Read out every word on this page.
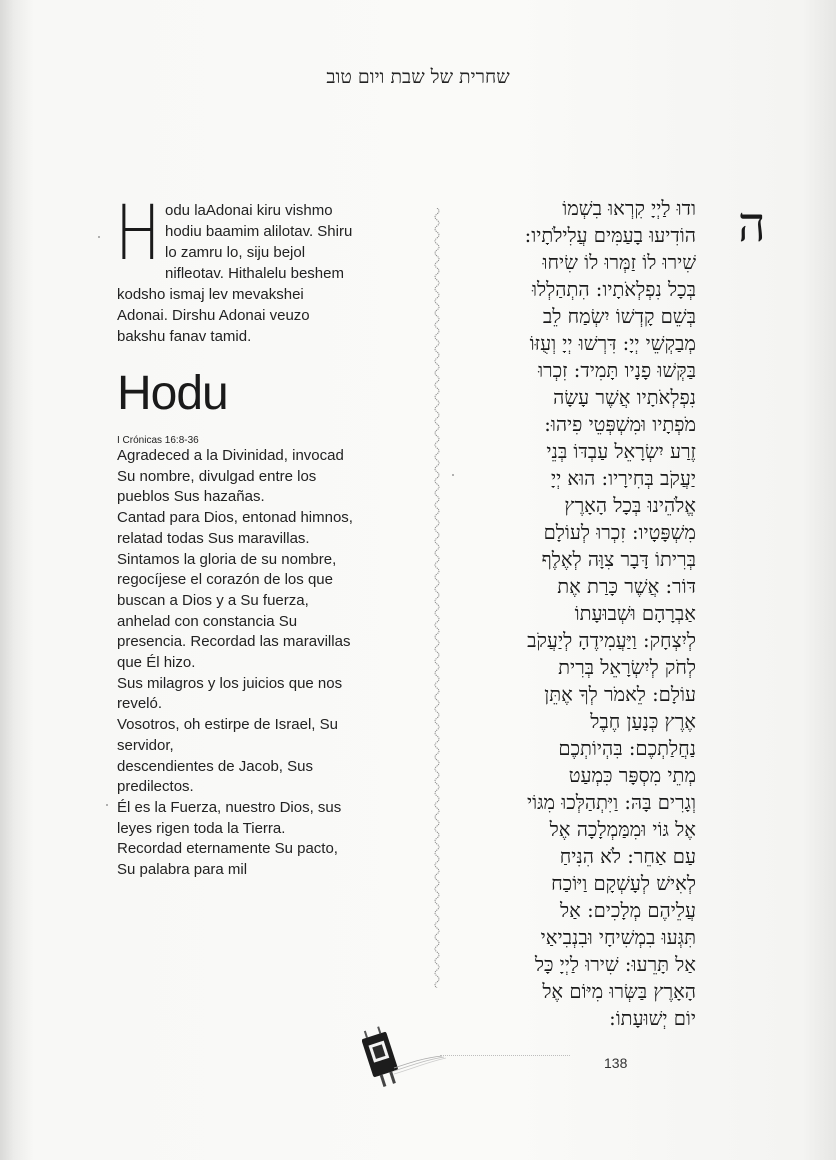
שחרית של שבת ויום טוב
H odu laAdonai kiru vishmo hodiu baamim alilotav. Shiru lo zamru lo, siju bejol nifleotav. Hithalelu beshem kodsho ismaj lev mevakshei Adonai. Dirshu Adonai veuzo bakshu fanav tamid.
Hodu
I Crónicas 16:8-36

Agradeced a la Divinidad, invocad Su nombre, divulgad entre los pueblos Sus hazañas.

Cantad para Dios, entonad himnos, relatad todas Sus maravillas. Sintamos la gloria de su nombre, regocíjese el corazón de los que buscan a Dios y a Su fuerza, anhelad con constancia Su presencia. Recordad las maravillas que Él hizo.

Sus milagros y los juicios que nos reveló.

Vosotros, oh estirpe de Israel, Su servidor,

descendientes de Jacob, Sus predilectos.

Él es la Fuerza, nuestro Dios, sus leyes rigen toda la Tierra.

Recordad eternamente Su pacto, Su palabra para mil

ה

ודוּ לַיְיָ קִרְאוּ בִשְׁמוֹ

הוֹדִיעוּ בָעַמִּים עֲלִילֹתָיו:

שִׁירוּ לוֹ זַמְּרוּ לוֹ שִׂיחוּ

בְּכָל נִפְלְאֹתָיו: הִתְהַלְלוּ

בְּשֵׁם קָדְשׁוֹ יִשְׂמַח לֵב

מְבַקְשֵׁי יְיָ: דִּרְשׁוּ יְיָ וְעֻזּוֹ

בַּקְּשׁוּ פָנָיו תָּמִיד: זִכְרוּ

נִפְלְאֹתָיו אֲשֶׁר עָשָׂה

מֹפְתָיו וּמִשְׁפְּטֵי פִיהוּ:

זֶרַע יִשְׂרָאֵל עַבְדּוֹ בְּנֵי

יַעֲקֹב בְּחִירָיו: הוּא יְיָ

אֱלֹהֵינוּ בְּכָל הָאָרֶץ

מִשְׁפָּטָיו: זִכְרוּ לְעוֹלָם

בְּרִיתוֹ דָּבָר צִוָּה לְאֶלֶף

דּוֹר: אֲשֶׁר כָּרַת אֶת

אַבְרָהָם וּשְׁבוּעָתוֹ

לְיִצְחָק: וַיַּעֲמִידֶהָ לְיַעֲקֹב

לְחֹק לְיִשְׂרָאֵל בְּרִית

עוֹלָם: לֵאמֹר לְךָ אֶתֵּן

אֶרֶץ כְּנָעַן חֶבֶל

נַחֲלַתְכֶם: בִּהְיוֹתְכֶם

מְתֵי מִסְפָּר כִּמְעַט

וְגָרִים בָּהּ: וַיִּתְהַלְּכוּ מִגּוֹי

אֶל גּוֹי וּמִמַּמְלָכָה אֶל

עַם אַחֵר: לֹא הִנִּיחַ

לְאִישׁ לְעָשְׁקָם וַיּוֹכַח

עֲלֵיהֶם מְלָכִים: אַל

תִּגְּעוּ בִמְשִׁיחָי וּבִנְבִיאַי

אַל תָּרֵעוּ: שִׁירוּ לַיְיָ כָּל

הָאָרֶץ בַּשְּׂרוּ מִיּוֹם אֶל

יוֹם יְשׁוּעָתוֹ:

138
